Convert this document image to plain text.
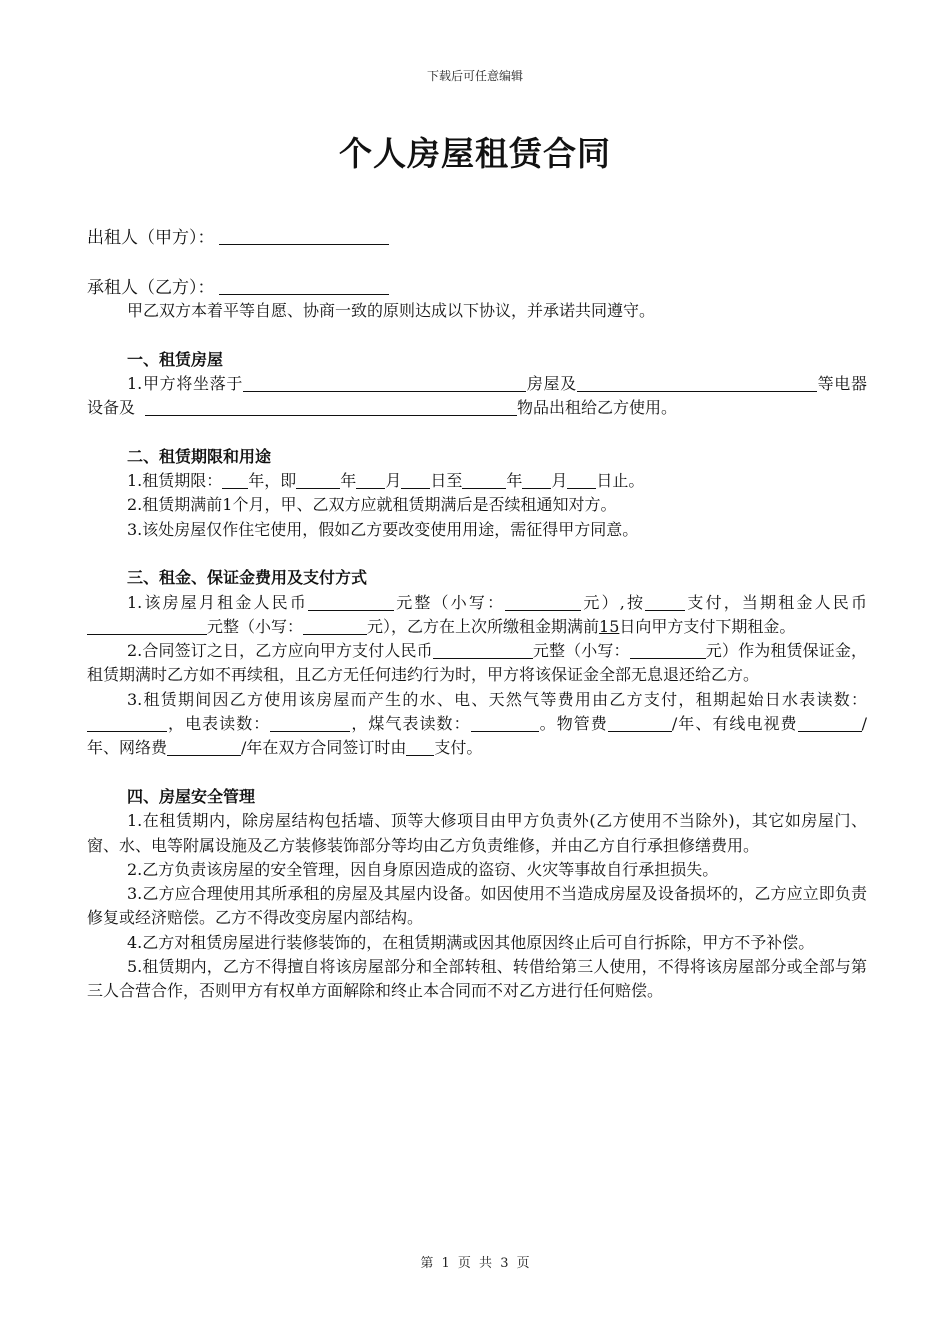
下载后可任意编辑
个人房屋租赁合同
出租人（甲方）：
承租人（乙方）：

甲乙双方本着平等自愿、协商一致的原则达成以下协议，并承诺共同遵守。

一、租赁房屋

1.甲方将坐落于	房屋及	等电器设备及	物品出租给乙方使用。

二、租赁期限和用途

1.租赁期限： 年，即	年 月 日至	年 月 日止。

2.租赁期满前1个月，甲、乙双方应就租赁期满后是否续租通知对方。

3.该处房屋仅作住宅使用，假如乙方要改变使用用途，需征得甲方同意。

三、租金、保证金费用及支付方式

1.该房屋月租金人民币	元整（小写：	元）,按	支付，当期租金人民币元整（小写：	元），乙方在上次所缴租金期满前15日向甲方支付下期租金。

2.合同签订之日，乙方应向甲方支付人民币	元整（小写：	元）作为租赁保证金，租赁期满时乙方如不再续租，且乙方无任何违约行为时，甲方将该保证金全部无息退还给乙方。

3.租赁期间因乙方使用该房屋而产生的水、电、天然气等费用由乙方支付，租期起始日水表读数：，电表读数：	，煤气表读数：	。物管费	/年、有线电视费	/年、网络费	/年在双方合同签订时由 支付。

四、房屋安全管理

1.在租赁期内，除房屋结构包括墙、顶等大修项目由甲方负责外(乙方使用不当除外)，其它如房屋门、窗、水、电等附属设施及乙方装修装饰部分等均由乙方负责维修，并由乙方自行承担修缮费用。

2.乙方负责该房屋的安全管理，因自身原因造成的盗窃、火灾等事故自行承担损失。

3.乙方应合理使用其所承租的房屋及其屋内设备。如因使用不当造成房屋及设备损坏的，乙方应立即负责修复或经济赔偿。乙方不得改变房屋内部结构。

4.乙方对租赁房屋进行装修装饰的，在租赁期满或因其他原因终止后可自行拆除，甲方不予补偿。

5.租赁期内，乙方不得擅自将该房屋部分和全部转租、转借给第三人使用，不得将该房屋部分或全部与第三人合营合作，否则甲方有权单方面解除和终止本合同而不对乙方进行任何赔偿。

第 1 页 共 3 页
